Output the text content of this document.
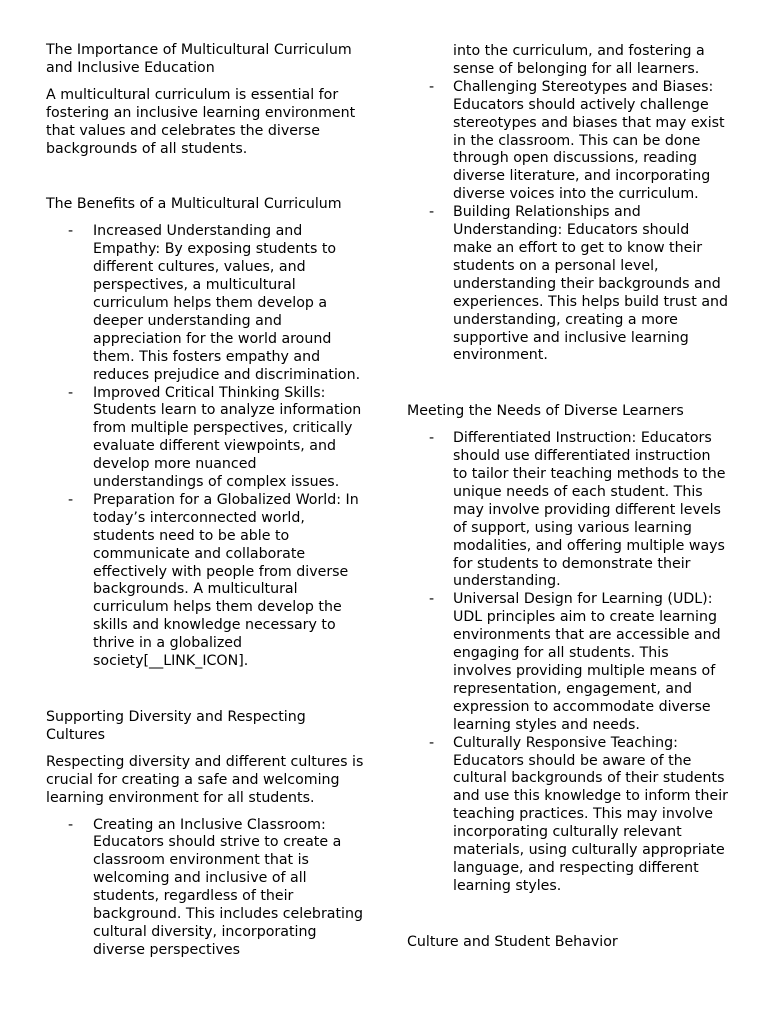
The Importance of Multicultural Curriculum and Inclusive Education

A multicultural curriculum is essential for fostering an inclusive learning environment that values and celebrates the diverse backgrounds of all students.

The Benefits of a Multicultural Curriculum
- Increased Understanding and Empathy: By exposing students to different cultures, values, and perspectives, a multicultural curriculum helps them develop a deeper understanding and appreciation for the world around them. This fosters empathy and reduces prejudice and discrimination.
- Improved Critical Thinking Skills: Students learn to analyze information from multiple perspectives, critically evaluate different viewpoints, and develop more nuanced understandings of complex issues.
- Preparation for a Globalized World: In today’s interconnected world, students need to be able to communicate and collaborate effectively with people from diverse backgrounds. A multicultural curriculum helps them develop the skills and knowledge necessary to thrive in a globalized society[__LINK_ICON].
Supporting Diversity and Respecting Cultures

Respecting diversity and different cultures is crucial for creating a safe and welcoming learning environment for all students.

- Creating an Inclusive Classroom: Educators should strive to create a classroom environment that is welcoming and inclusive of all students, regardless of their background. This includes celebrating cultural diversity, incorporating diverse perspectives

into the curriculum, and fostering a sense of belonging for all learners.

- Challenging Stereotypes and Biases: Educators should actively challenge stereotypes and biases that may exist in the classroom. This can be done through open discussions, reading diverse literature, and incorporating diverse voices into the curriculum.
- Building Relationships and Understanding: Educators should make an effort to get to know their students on a personal level, understanding their backgrounds and experiences. This helps build trust and understanding, creating a more supportive and inclusive learning environment.
Meeting the Needs of Diverse Learners
- Differentiated Instruction: Educators should use differentiated instruction to tailor their teaching methods to the unique needs of each student. This may involve providing different levels of support, using various learning modalities, and offering multiple ways for students to demonstrate their understanding.
- Universal Design for Learning (UDL): UDL principles aim to create learning environments that are accessible and engaging for all students. This involves providing multiple means of representation, engagement, and expression to accommodate diverse learning styles and needs.
- Culturally Responsive Teaching: Educators should be aware of the cultural backgrounds of their students and use this knowledge to inform their teaching practices. This may involve incorporating culturally relevant materials, using culturally appropriate language, and respecting different learning styles.
Culture and Student Behavior
